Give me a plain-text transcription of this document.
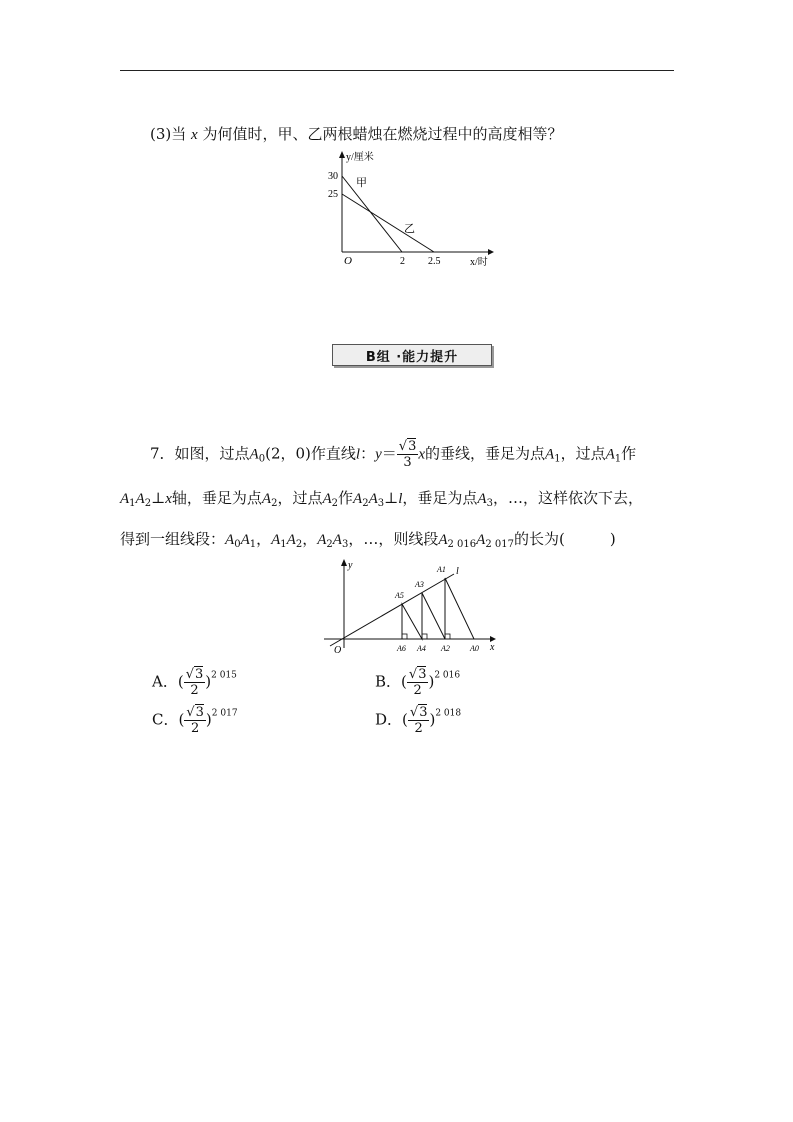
(3)当 x 为何值时，甲、乙两根蜡烛在燃烧过程中的高度相等？
y/厘米
30
25
甲
乙
O	2 2.5	x/时
B组 ·能力提升
7．如图，过点$A_0(2$，0)作直线l：$y= \frac{√3}{3}$ x的垂线，垂足为点$A_1$，过点$A_1$作
$A_1A_2\perp x$轴，垂足为点$A_2$，过点$A_2$作$A_2A_3\perp l$，垂足为点$A_3$，…，这样依次下去，
得到一组线段：$A_0A_1$，$A_1A_2$，$A_2A_3$，…，则线段$A_{2 016}A_{2 017}$的长为(　　　)
y
x
O
l
A1
A3
A5
A6 A4 A2	A0
A．( $\frac{√3}{2} )^{2 015}$	B．( $\frac{√3}{2} )^{2 016}$
C．( $\frac{√3}{2} )^{2 017}$	D．( $\frac{√3}{2} )^{2 018}$
